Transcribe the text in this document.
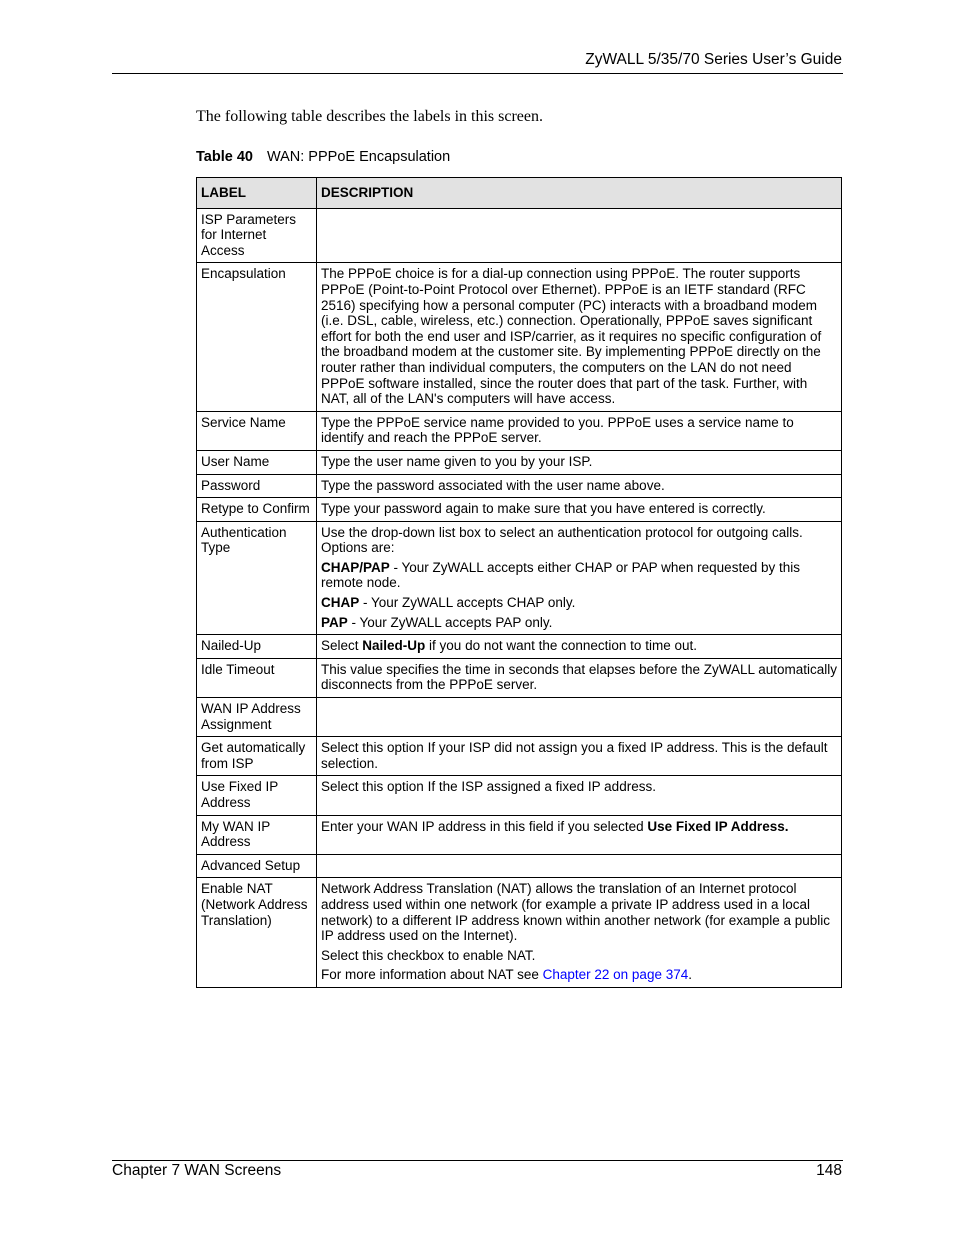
ZyWALL 5/35/70 Series User’s Guide
The following table describes the labels in this screen.
Table 40 WAN: PPPoE Encapsulation
LABEL	DESCRIPTION
ISP Parameters for Internet Access	
Encapsulation	The PPPoE choice is for a dial-up connection using PPPoE. The router supports PPPoE (Point-to-Point Protocol over Ethernet). PPPoE is an IETF standard (RFC 2516) specifying how a personal computer (PC) interacts with a broadband modem (i.e. DSL, cable, wireless, etc.) connection. Operationally, PPPoE saves significant effort for both the end user and ISP/carrier, as it requires no specific configuration of the broadband modem at the customer site. By implementing PPPoE directly on the router rather than individual computers, the computers on the LAN do not need PPPoE software installed, since the router does that part of the task. Further, with NAT, all of the LAN's computers will have access.

Service Name	Type the PPPoE service name provided to you. PPPoE uses a service name to identify and reach the PPPoE server.

User Name	Type the user name given to you by your ISP.

Password	Type the password associated with the user name above.

Retype to Confirm	Type your password again to make sure that you have entered is correctly.

Authentication Type	Use the drop-down list box to select an authentication protocol for outgoing calls. Options are:

CHAP/PAP - Your ZyWALL accepts either CHAP or PAP when requested by this remote node.

CHAP - Your ZyWALL accepts CHAP only.

PAP - Your ZyWALL accepts PAP only.

Nailed-Up	Select Nailed-Up if you do not want the connection to time out.

Idle Timeout	This value specifies the time in seconds that elapses before the ZyWALL automatically disconnects from the PPPoE server.

WAN IP Address Assignment	
Get automatically from ISP	Select this option If your ISP did not assign you a fixed IP address. This is the default selection.

Use Fixed IP Address	Select this option If the ISP assigned a fixed IP address.

My WAN IP Address	Enter your WAN IP address in this field if you selected Use Fixed IP Address.

Advanced Setup	
Enable NAT (Network Address Translation)	Network Address Translation (NAT) allows the translation of an Internet protocol address used within one network (for example a private IP address used in a local network) to a different IP address known within another network (for example a public IP address used on the Internet).

Select this checkbox to enable NAT.

For more information about NAT see Chapter 22 on page 374.

Chapter 7 WAN Screens	148
